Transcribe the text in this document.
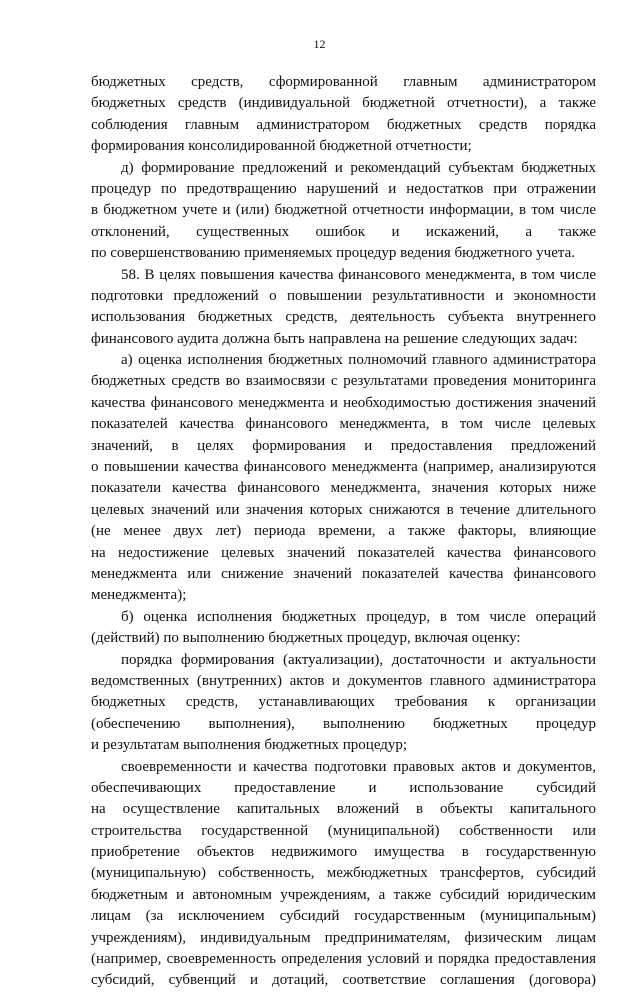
12
бюджетных средств, сформированной главным администратором
бюджетных средств (индивидуальной бюджетной отчетности), а также
соблюдения главным администратором бюджетных средств порядка
формирования консолидированной бюджетной отчетности;
д) формирование предложений и рекомендаций субъектам бюджетных
процедур по предотвращению нарушений и недостатков при отражении
в бюджетном учете и (или) бюджетной отчетности информации, в том числе
отклонений, существенных ошибок и искажений, а также
по совершенствованию применяемых процедур ведения бюджетного учета.
58. В целях повышения качества финансового менеджмента, в том числе
подготовки предложений о повышении результативности и экономности
использования бюджетных средств, деятельность субъекта внутреннего
финансового аудита должна быть направлена на решение следующих задач:
а) оценка исполнения бюджетных полномочий главного администратора
бюджетных средств во взаимосвязи с результатами проведения мониторинга
качества финансового менеджмента и необходимостью достижения значений
показателей качества финансового менеджмента, в том числе целевых
значений, в целях формирования и предоставления предложений
о повышении качества финансового менеджмента (например, анализируются
показатели качества финансового менеджмента, значения которых ниже
целевых значений или значения которых снижаются в течение длительного
(не менее двух лет) периода времени, а также факторы, влияющие
на недостижение целевых значений показателей качества финансового
менеджмента или снижение значений показателей качества финансового
менеджмента);
б) оценка исполнения бюджетных процедур, в том числе операций
(действий) по выполнению бюджетных процедур, включая оценку:
порядка формирования (актуализации), достаточности и актуальности
ведомственных (внутренних) актов и документов главного администратора
бюджетных средств, устанавливающих требования к организации
(обеспечению выполнения), выполнению бюджетных процедур
и результатам выполнения бюджетных процедур;
своевременности и качества подготовки правовых актов и документов,
обеспечивающих предоставление и использование субсидий
на осуществление капитальных вложений в объекты капитального
строительства государственной (муниципальной) собственности или
приобретение объектов недвижимого имущества в государственную
(муниципальную) собственность, межбюджетных трансфертов, субсидий
бюджетным и автономным учреждениям, а также субсидий юридическим
лицам (за исключением субсидий государственным (муниципальным)
учреждениям), индивидуальным предпринимателям, физическим лицам
(например, своевременность определения условий и порядка предоставления
субсидий, субвенций и дотаций, соответствие соглашения (договора)
